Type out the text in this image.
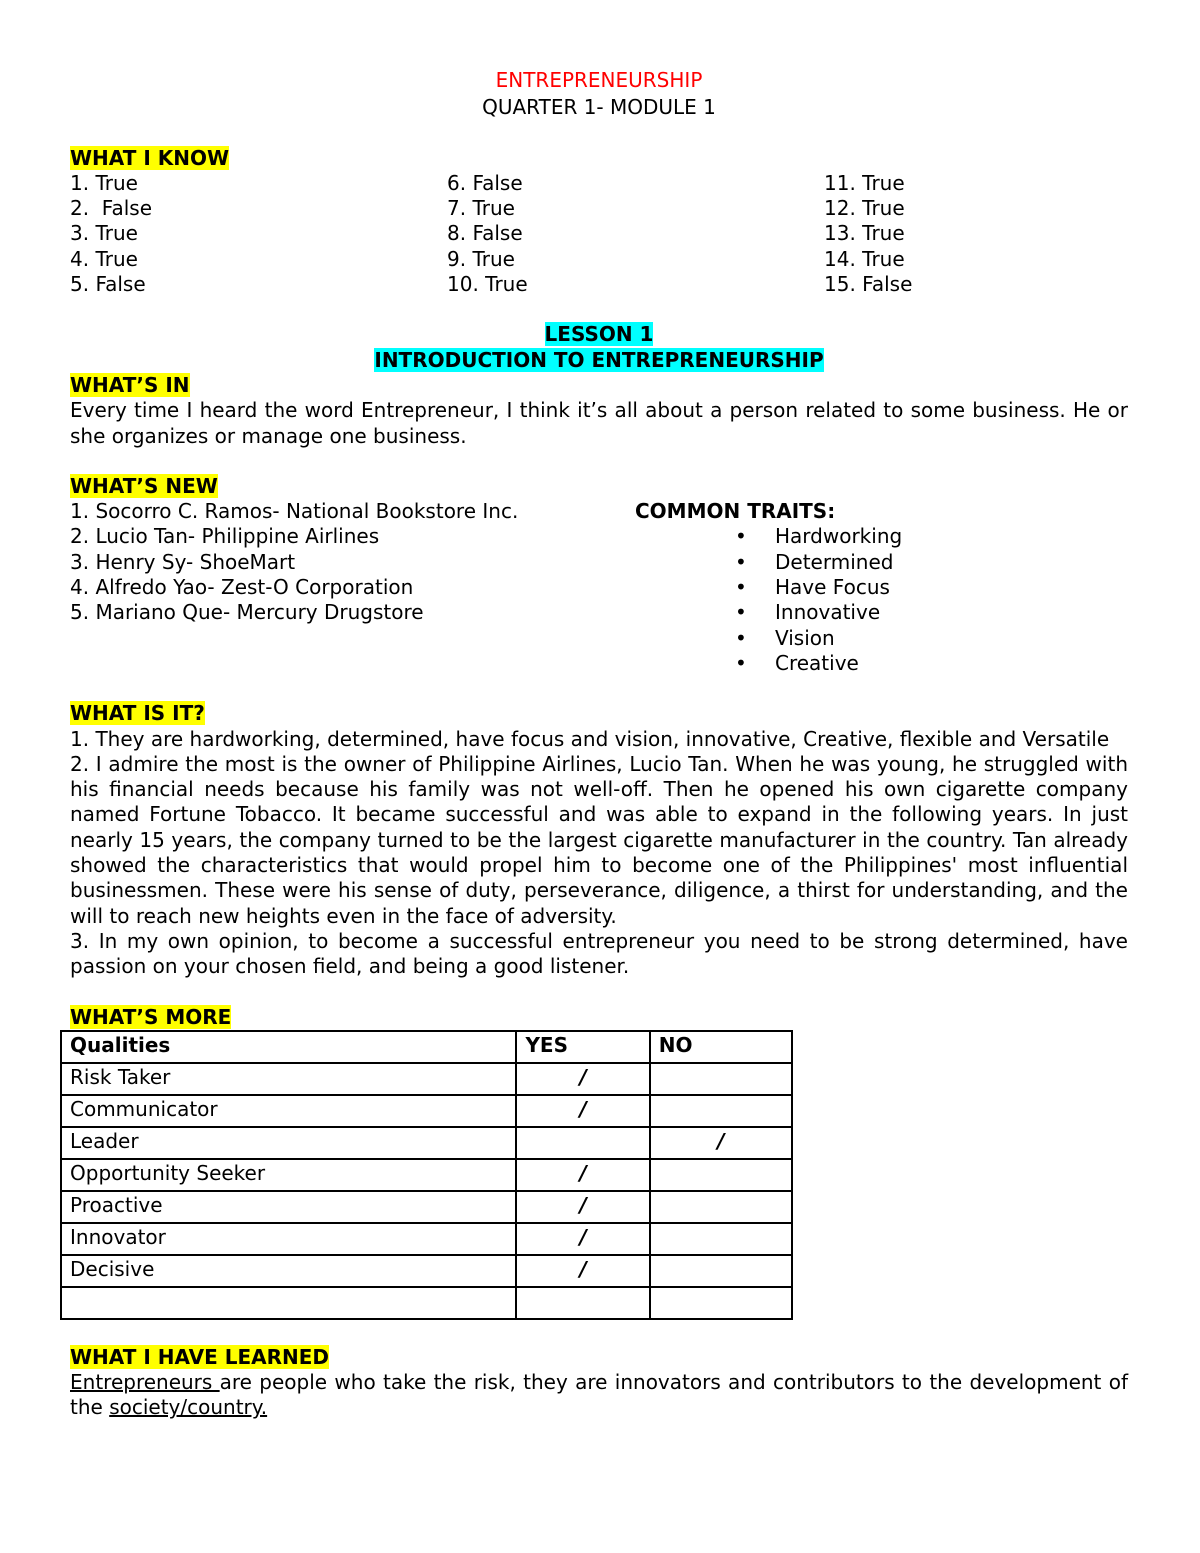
ENTREPRENEURSHIP
QUARTER 1- MODULE 1
WHAT I KNOW
1. True
2.  False
3. True
4. True
5. False
6. False
7. True
8. False
9. True
10. True
11. True
12. True
13. True
14. True
15. False
LESSON 1
INTRODUCTION TO ENTREPRENEURSHIP
WHAT’S IN
Every time I heard the word Entrepreneur, I think it’s all about a person related to some business. He or she organizes or manage one business.
WHAT’S NEW
1. Socorro C. Ramos- National Bookstore Inc.
2. Lucio Tan- Philippine Airlines
3. Henry Sy- ShoeMart
4. Alfredo Yao- Zest-O Corporation
5. Mariano Que- Mercury Drugstore
COMMON TRAITS:
• Hardworking
• Determined
• Have Focus
• Innovative
• Vision
• Creative
WHAT IS IT?
1. They are hardworking, determined, have focus and vision, innovative, Creative, flexible and Versatile
2. I admire the most is the owner of Philippine Airlines, Lucio Tan. When he was young, he struggled with his financial needs because his family was not well-off. Then he opened his own cigarette company named Fortune Tobacco. It became successful and was able to expand in the following years. In just nearly 15 years, the company turned to be the largest cigarette manufacturer in the country. Tan already showed the characteristics that would propel him to become one of the Philippines' most influential businessmen. These were his sense of duty, perseverance, diligence, a thirst for understanding, and the will to reach new heights even in the face of adversity.
3. In my own opinion, to become a successful entrepreneur you need to be strong determined, have passion on your chosen field, and being a good listener.
WHAT’S MORE
Qualities	YES	NO
Risk Taker	/	
Communicator	/	
Leader		/
Opportunity Seeker	/	
Proactive	/	
Innovator	/	
Decisive	/	

WHAT I HAVE LEARNED
Entrepreneurs are people who take the risk, they are innovators and contributors to the development of the society/country.
